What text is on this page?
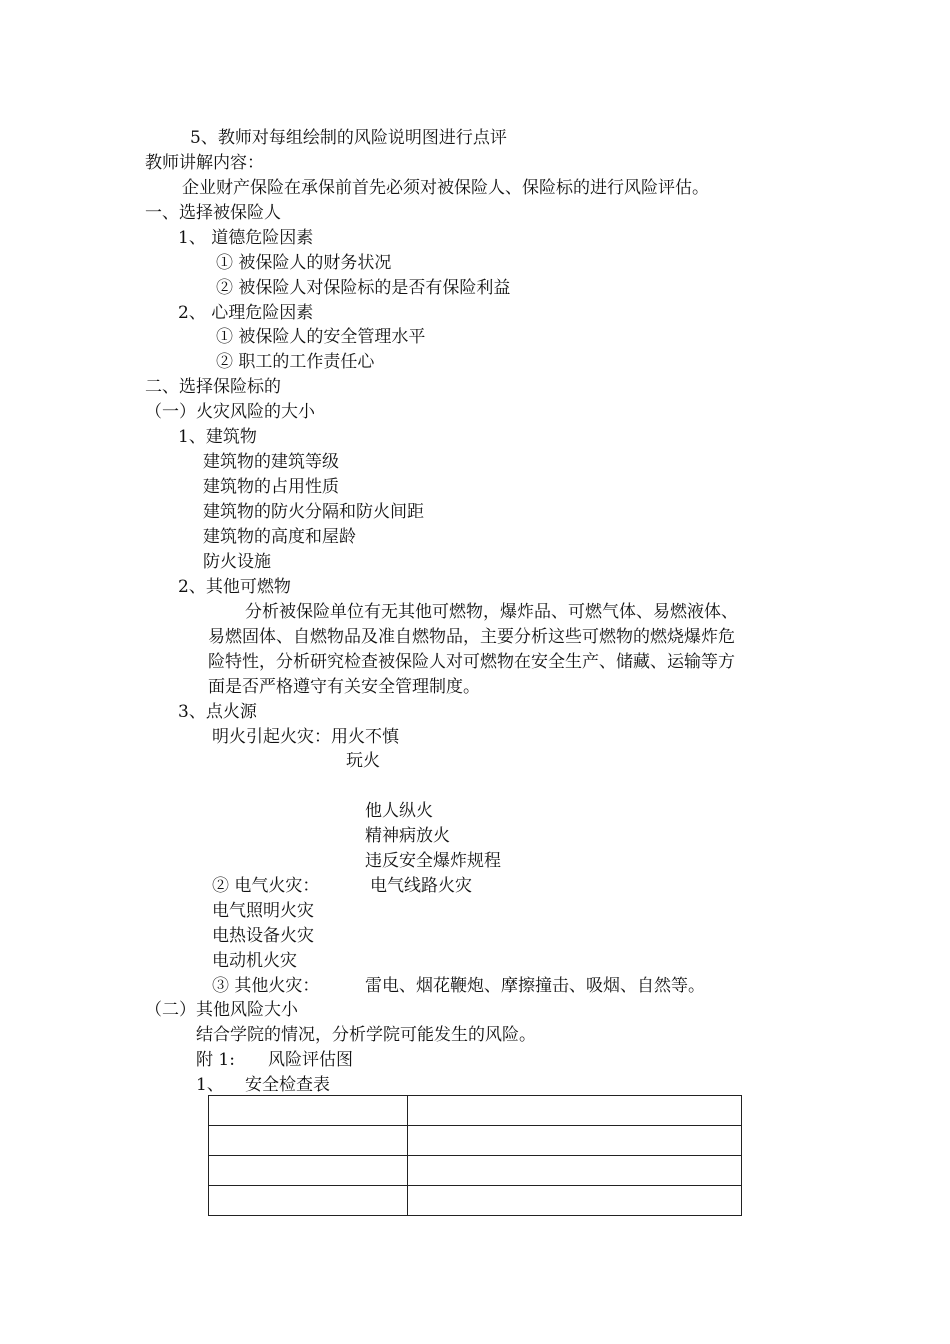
5、教师对每组绘制的风险说明图进行点评
教师讲解内容：
企业财产保险在承保前首先必须对被保险人、保险标的进行风险评估。
一、选择被保险人
1、 道德危险因素
① 被保险人的财务状况
② 被保险人对保险标的是否有保险利益
2、 心理危险因素
① 被保险人的安全管理水平
② 职工的工作责任心
二、选择保险标的
（一）火灾风险的大小
1、建筑物
建筑物的建筑等级
建筑物的占用性质
建筑物的防火分隔和防火间距
建筑物的高度和屋龄
防火设施
2、其他可燃物
分析被保险单位有无其他可燃物，爆炸品、可燃气体、易燃液体、
易燃固体、自燃物品及准自燃物品，主要分析这些可燃物的燃烧爆炸危
险特性，分析研究检查被保险人对可燃物在安全生产、储藏、运输等方
面是否严格遵守有关安全管理制度。
3、点火源
明火引起火灾：用火不慎
玩火
他人纵火
精神病放火
违反安全爆炸规程
② 电气火灾：	电气线路火灾
电气照明火灾
电热设备火灾
电动机火灾
③ 其他火灾：	雷电、烟花鞭炮、摩擦撞击、吸烟、自然等。
（二）其他风险大小
结合学院的情况，分析学院可能发生的风险。
附 1: 风险评估图
1、 安全检查表
